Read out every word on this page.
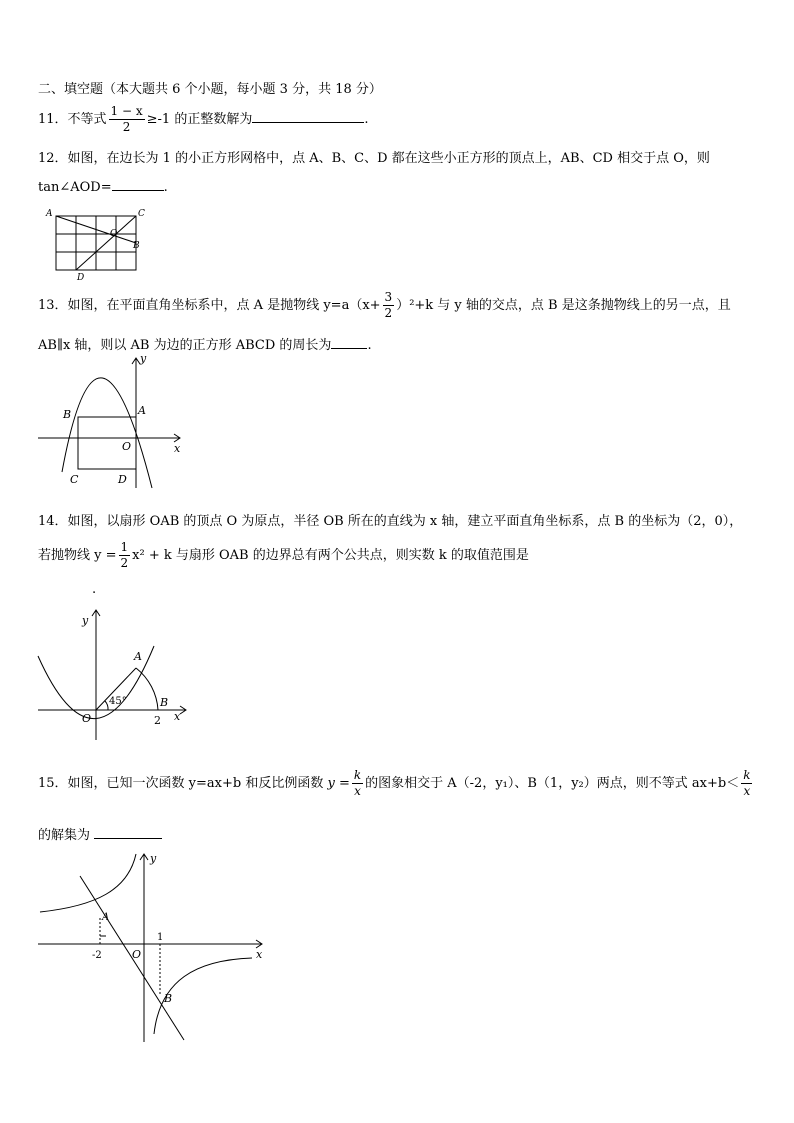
二、填空题（本大题共 6 个小题，每小题 3 分，共 18 分）
11．不等式 $\frac{1 - x}{2} \ge-1$ 的正整数解为	.
12．如图，在边长为 1 的小正方形网格中，点 A、B、C、D 都在这些小正方形的顶点上，AB、CD 相交于点 O，则
tan∠AOD=	.
A	C
O
B
D
13．如图，在平面直角坐标系中，点 A 是抛物线 $y=a(x+ \frac{3}{2} )^2+k$ 与 y 轴的交点，点 B 是这条抛物线上的另一点，且
AB∥x 轴，则以 AB 为边的正方形 ABCD 的周长为	.
y
x
A
B
O
C	D
14．如图，以扇形 OAB 的顶点 O 为原点，半径 OB 所在的直线为 x 轴，建立平面直角坐标系，点 B 的坐标为（2，0），
若抛物线 $y = \frac{1}{2} x^2 + k$ 与扇形 OAB 的边界总有两个公共点，则实数 k 的取值范围是
.
y
x
A
B
O	2
45°
15．如图，已知一次函数 y=ax+b 和反比例函数 $y = \frac{k}{x}$ 的图象相交于 A（-2，y₁）、B（1，y₂）两点，则不等式 $ax+b< \frac{k}{x}$
的解集为
y
x
A
B
O
1
-2
